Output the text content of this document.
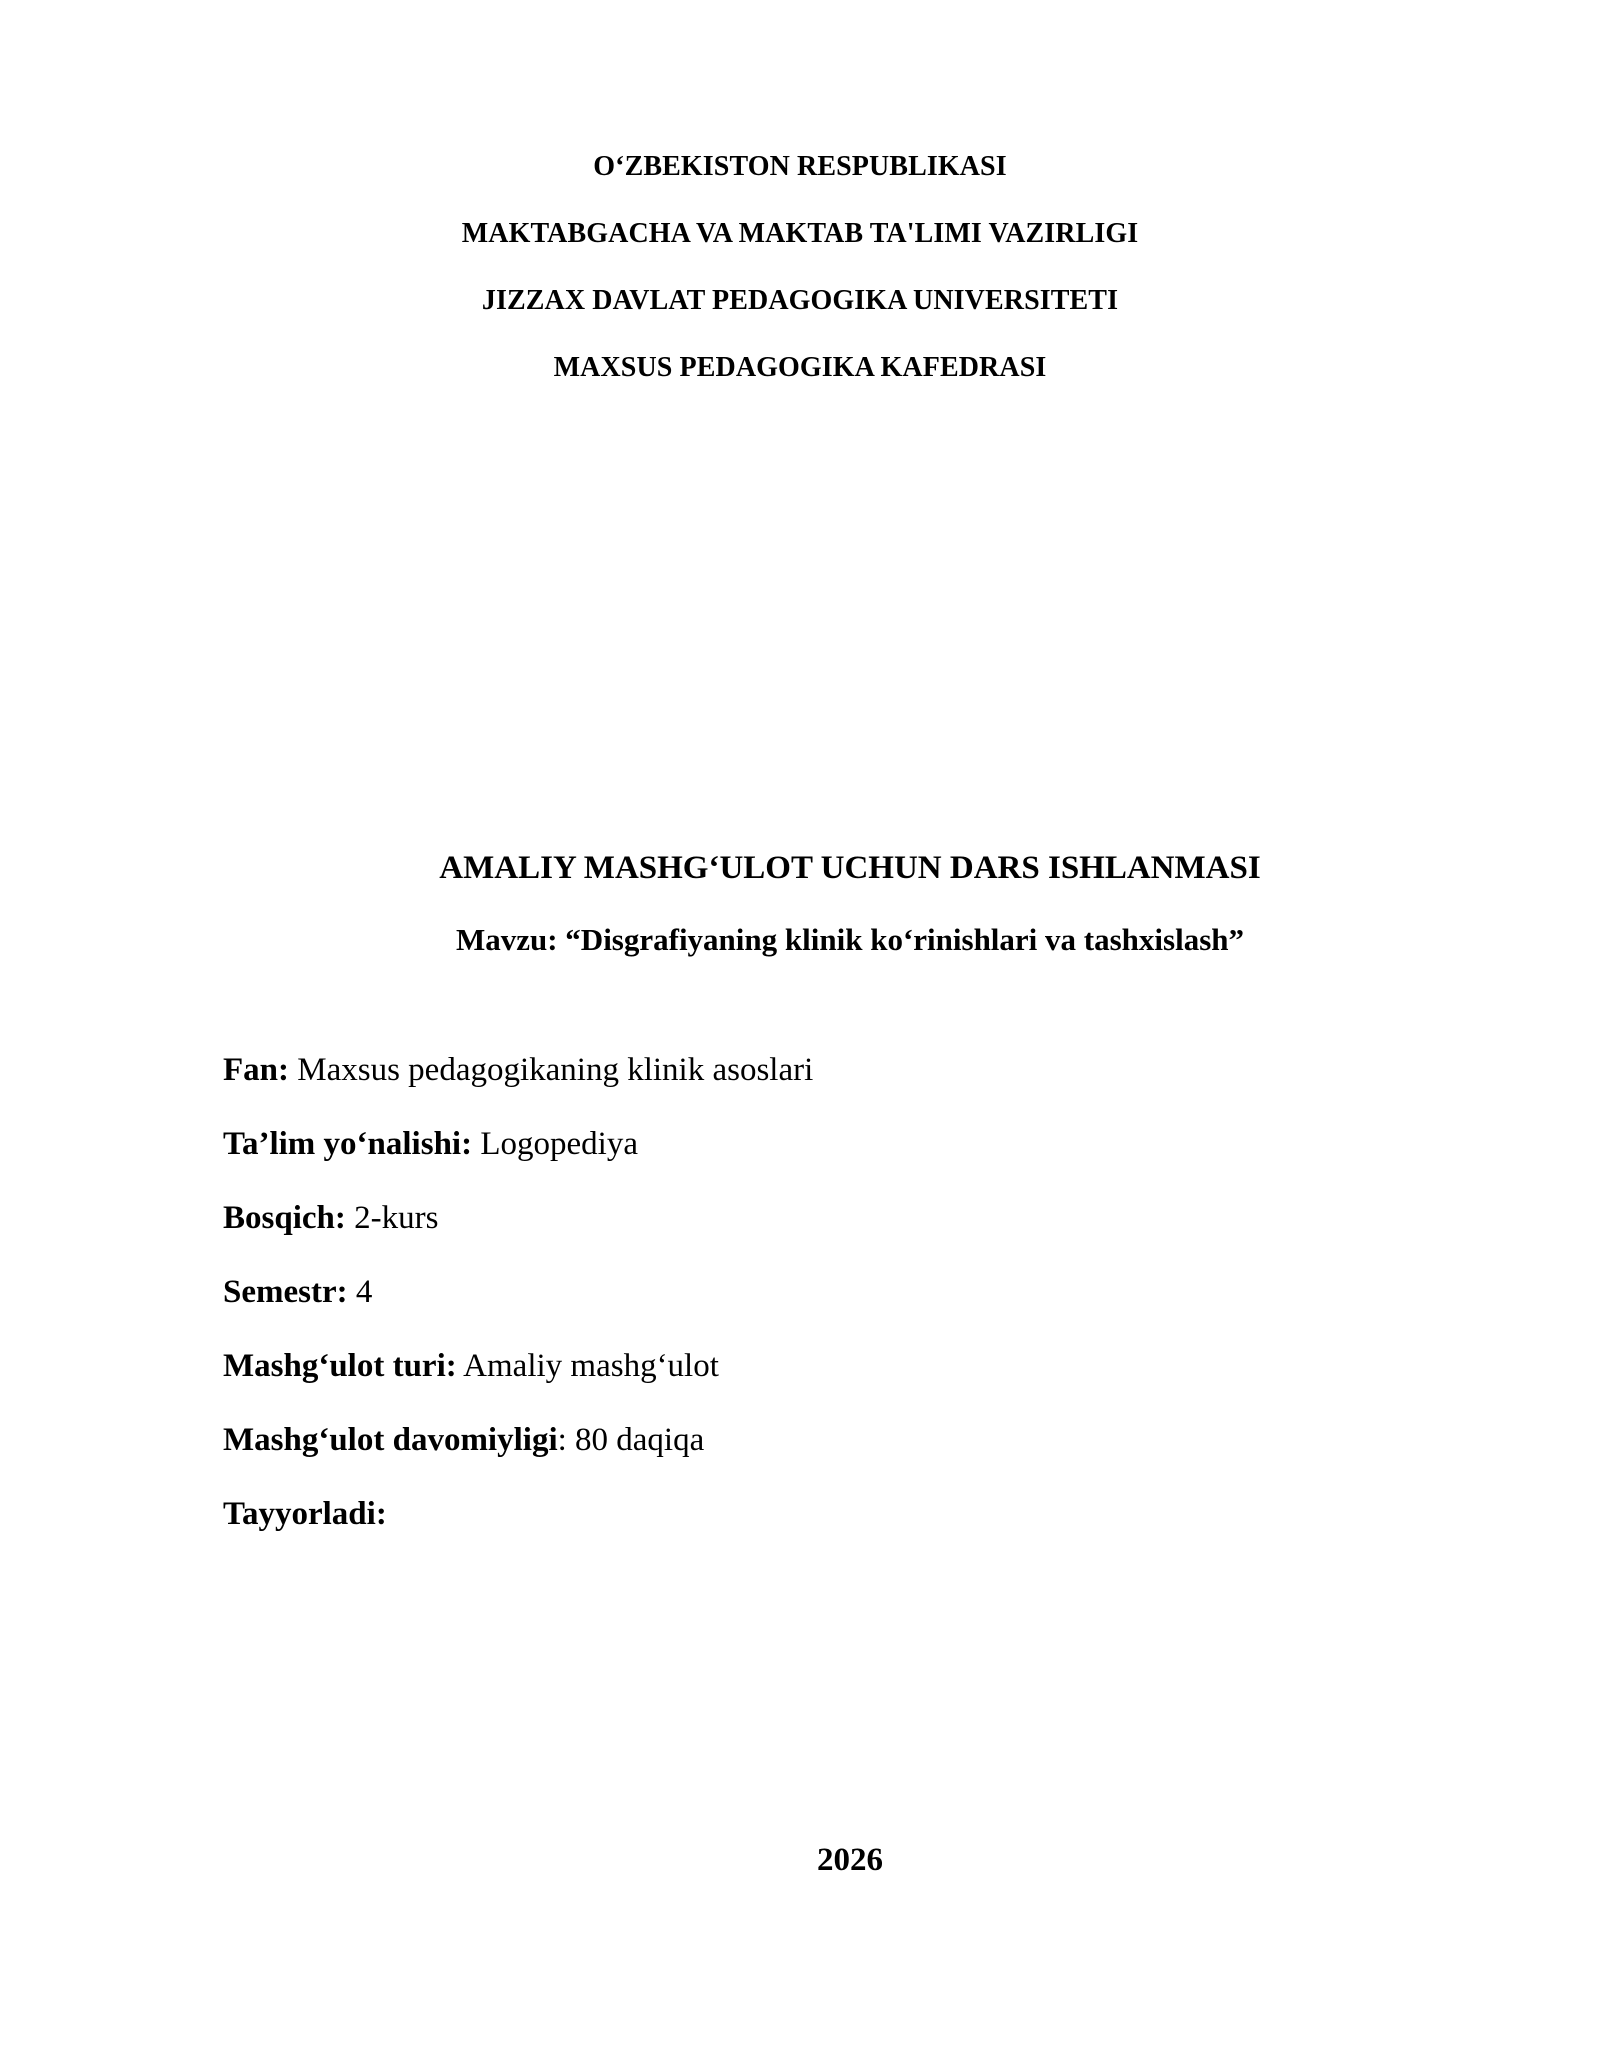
O‘ZBEKISTON RESPUBLIKASI
MAKTABGACHA VA MAKTAB TA'LIMI VAZIRLIGI
JIZZAX DAVLAT PEDAGOGIKA UNIVERSITETI
MAXSUS PEDAGOGIKA KAFEDRASI
AMALIY MASHG‘ULOT UCHUN DARS ISHLANMASI
Mavzu: “Disgrafiyaning klinik ko‘rinishlari va tashxislash”
Fan: Maxsus pedagogikaning klinik asoslari
Ta’lim yo‘nalishi: Logopediya
Bosqich: 2-kurs
Semestr: 4
Mashg‘ulot turi: Amaliy mashg‘ulot
Mashg‘ulot davomiyligi: 80 daqiqa
Tayyorladi:
2026
